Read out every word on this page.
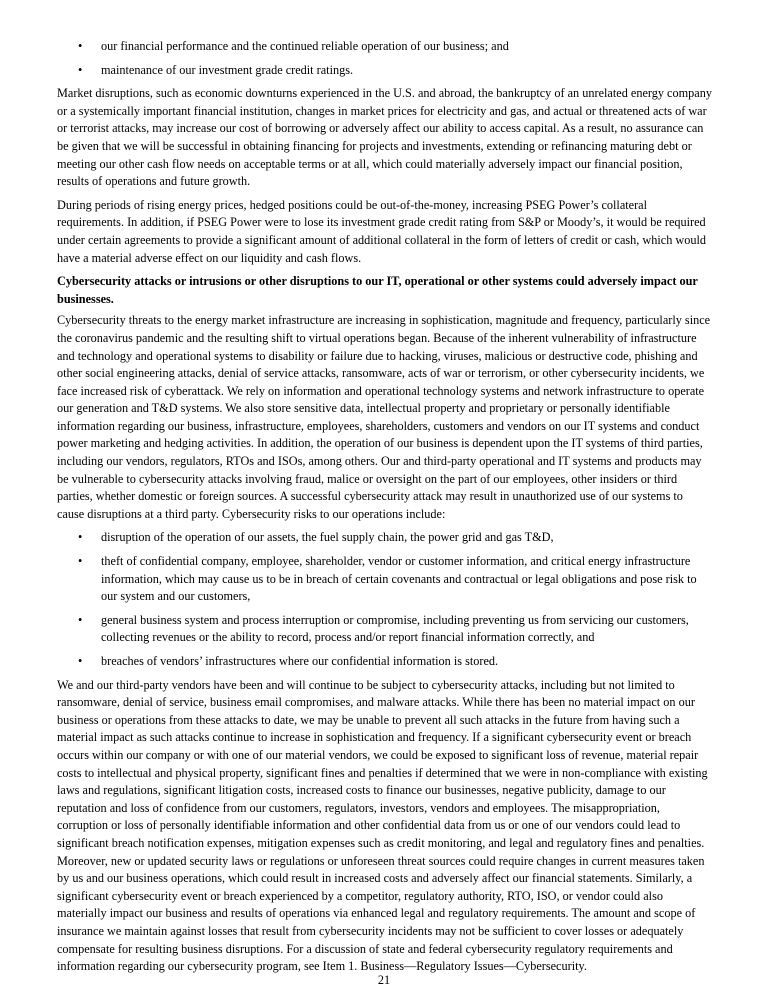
• our financial performance and the continued reliable operation of our business; and
• maintenance of our investment grade credit ratings.

Market disruptions, such as economic downturns experienced in the U.S. and abroad, the bankruptcy of an unrelated energy company or a systemically important financial institution, changes in market prices for electricity and gas, and actual or threatened acts of war or terrorist attacks, may increase our cost of borrowing or adversely affect our ability to access capital. As a result, no assurance can be given that we will be successful in obtaining financing for projects and investments, extending or refinancing maturing debt or meeting our other cash flow needs on acceptable terms or at all, which could materially adversely impact our financial position, results of operations and future growth.

During periods of rising energy prices, hedged positions could be out-of-the-money, increasing PSEG Power’s collateral requirements. In addition, if PSEG Power were to lose its investment grade credit rating from S&P or Moody’s, it would be required under certain agreements to provide a significant amount of additional collateral in the form of letters of credit or cash, which would have a material adverse effect on our liquidity and cash flows.

Cybersecurity attacks or intrusions or other disruptions to our IT, operational or other systems could adversely impact our businesses.

Cybersecurity threats to the energy market infrastructure are increasing in sophistication, magnitude and frequency, particularly since the coronavirus pandemic and the resulting shift to virtual operations began. Because of the inherent vulnerability of infrastructure and technology and operational systems to disability or failure due to hacking, viruses, malicious or destructive code, phishing and other social engineering attacks, denial of service attacks, ransomware, acts of war or terrorism, or other cybersecurity incidents, we face increased risk of cyberattack. We rely on information and operational technology systems and network infrastructure to operate our generation and T&D systems. We also store sensitive data, intellectual property and proprietary or personally identifiable information regarding our business, infrastructure, employees, shareholders, customers and vendors on our IT systems and conduct power marketing and hedging activities. In addition, the operation of our business is dependent upon the IT systems of third parties, including our vendors, regulators, RTOs and ISOs, among others. Our and third-party operational and IT systems and products may be vulnerable to cybersecurity attacks involving fraud, malice or oversight on the part of our employees, other insiders or third parties, whether domestic or foreign sources. A successful cybersecurity attack may result in unauthorized use of our systems to cause disruptions at a third party. Cybersecurity risks to our operations include:

• disruption of the operation of our assets, the fuel supply chain, the power grid and gas T&D,
• theft of confidential company, employee, shareholder, vendor or customer information, and critical energy infrastructure information, which may cause us to be in breach of certain covenants and contractual or legal obligations and pose risk to our system and our customers,
• general business system and process interruption or compromise, including preventing us from servicing our customers, collecting revenues or the ability to record, process and/or report financial information correctly, and
• breaches of vendors’ infrastructures where our confidential information is stored.

We and our third-party vendors have been and will continue to be subject to cybersecurity attacks, including but not limited to ransomware, denial of service, business email compromises, and malware attacks. While there has been no material impact on our business or operations from these attacks to date, we may be unable to prevent all such attacks in the future from having such a material impact as such attacks continue to increase in sophistication and frequency. If a significant cybersecurity event or breach occurs within our company or with one of our material vendors, we could be exposed to significant loss of revenue, material repair costs to intellectual and physical property, significant fines and penalties if determined that we were in non-compliance with existing laws and regulations, significant litigation costs, increased costs to finance our businesses, negative publicity, damage to our reputation and loss of confidence from our customers, regulators, investors, vendors and employees. The misappropriation, corruption or loss of personally identifiable information and other confidential data from us or one of our vendors could lead to significant breach notification expenses, mitigation expenses such as credit monitoring, and legal and regulatory fines and penalties. Moreover, new or updated security laws or regulations or unforeseen threat sources could require changes in current measures taken by us and our business operations, which could result in increased costs and adversely affect our financial statements. Similarly, a significant cybersecurity event or breach experienced by a competitor, regulatory authority, RTO, ISO, or vendor could also materially impact our business and results of operations via enhanced legal and regulatory requirements. The amount and scope of insurance we maintain against losses that result from cybersecurity incidents may not be sufficient to cover losses or adequately compensate for resulting business disruptions. For a discussion of state and federal cybersecurity regulatory requirements and information regarding our cybersecurity program, see Item 1. Business—Regulatory Issues—Cybersecurity.

21
